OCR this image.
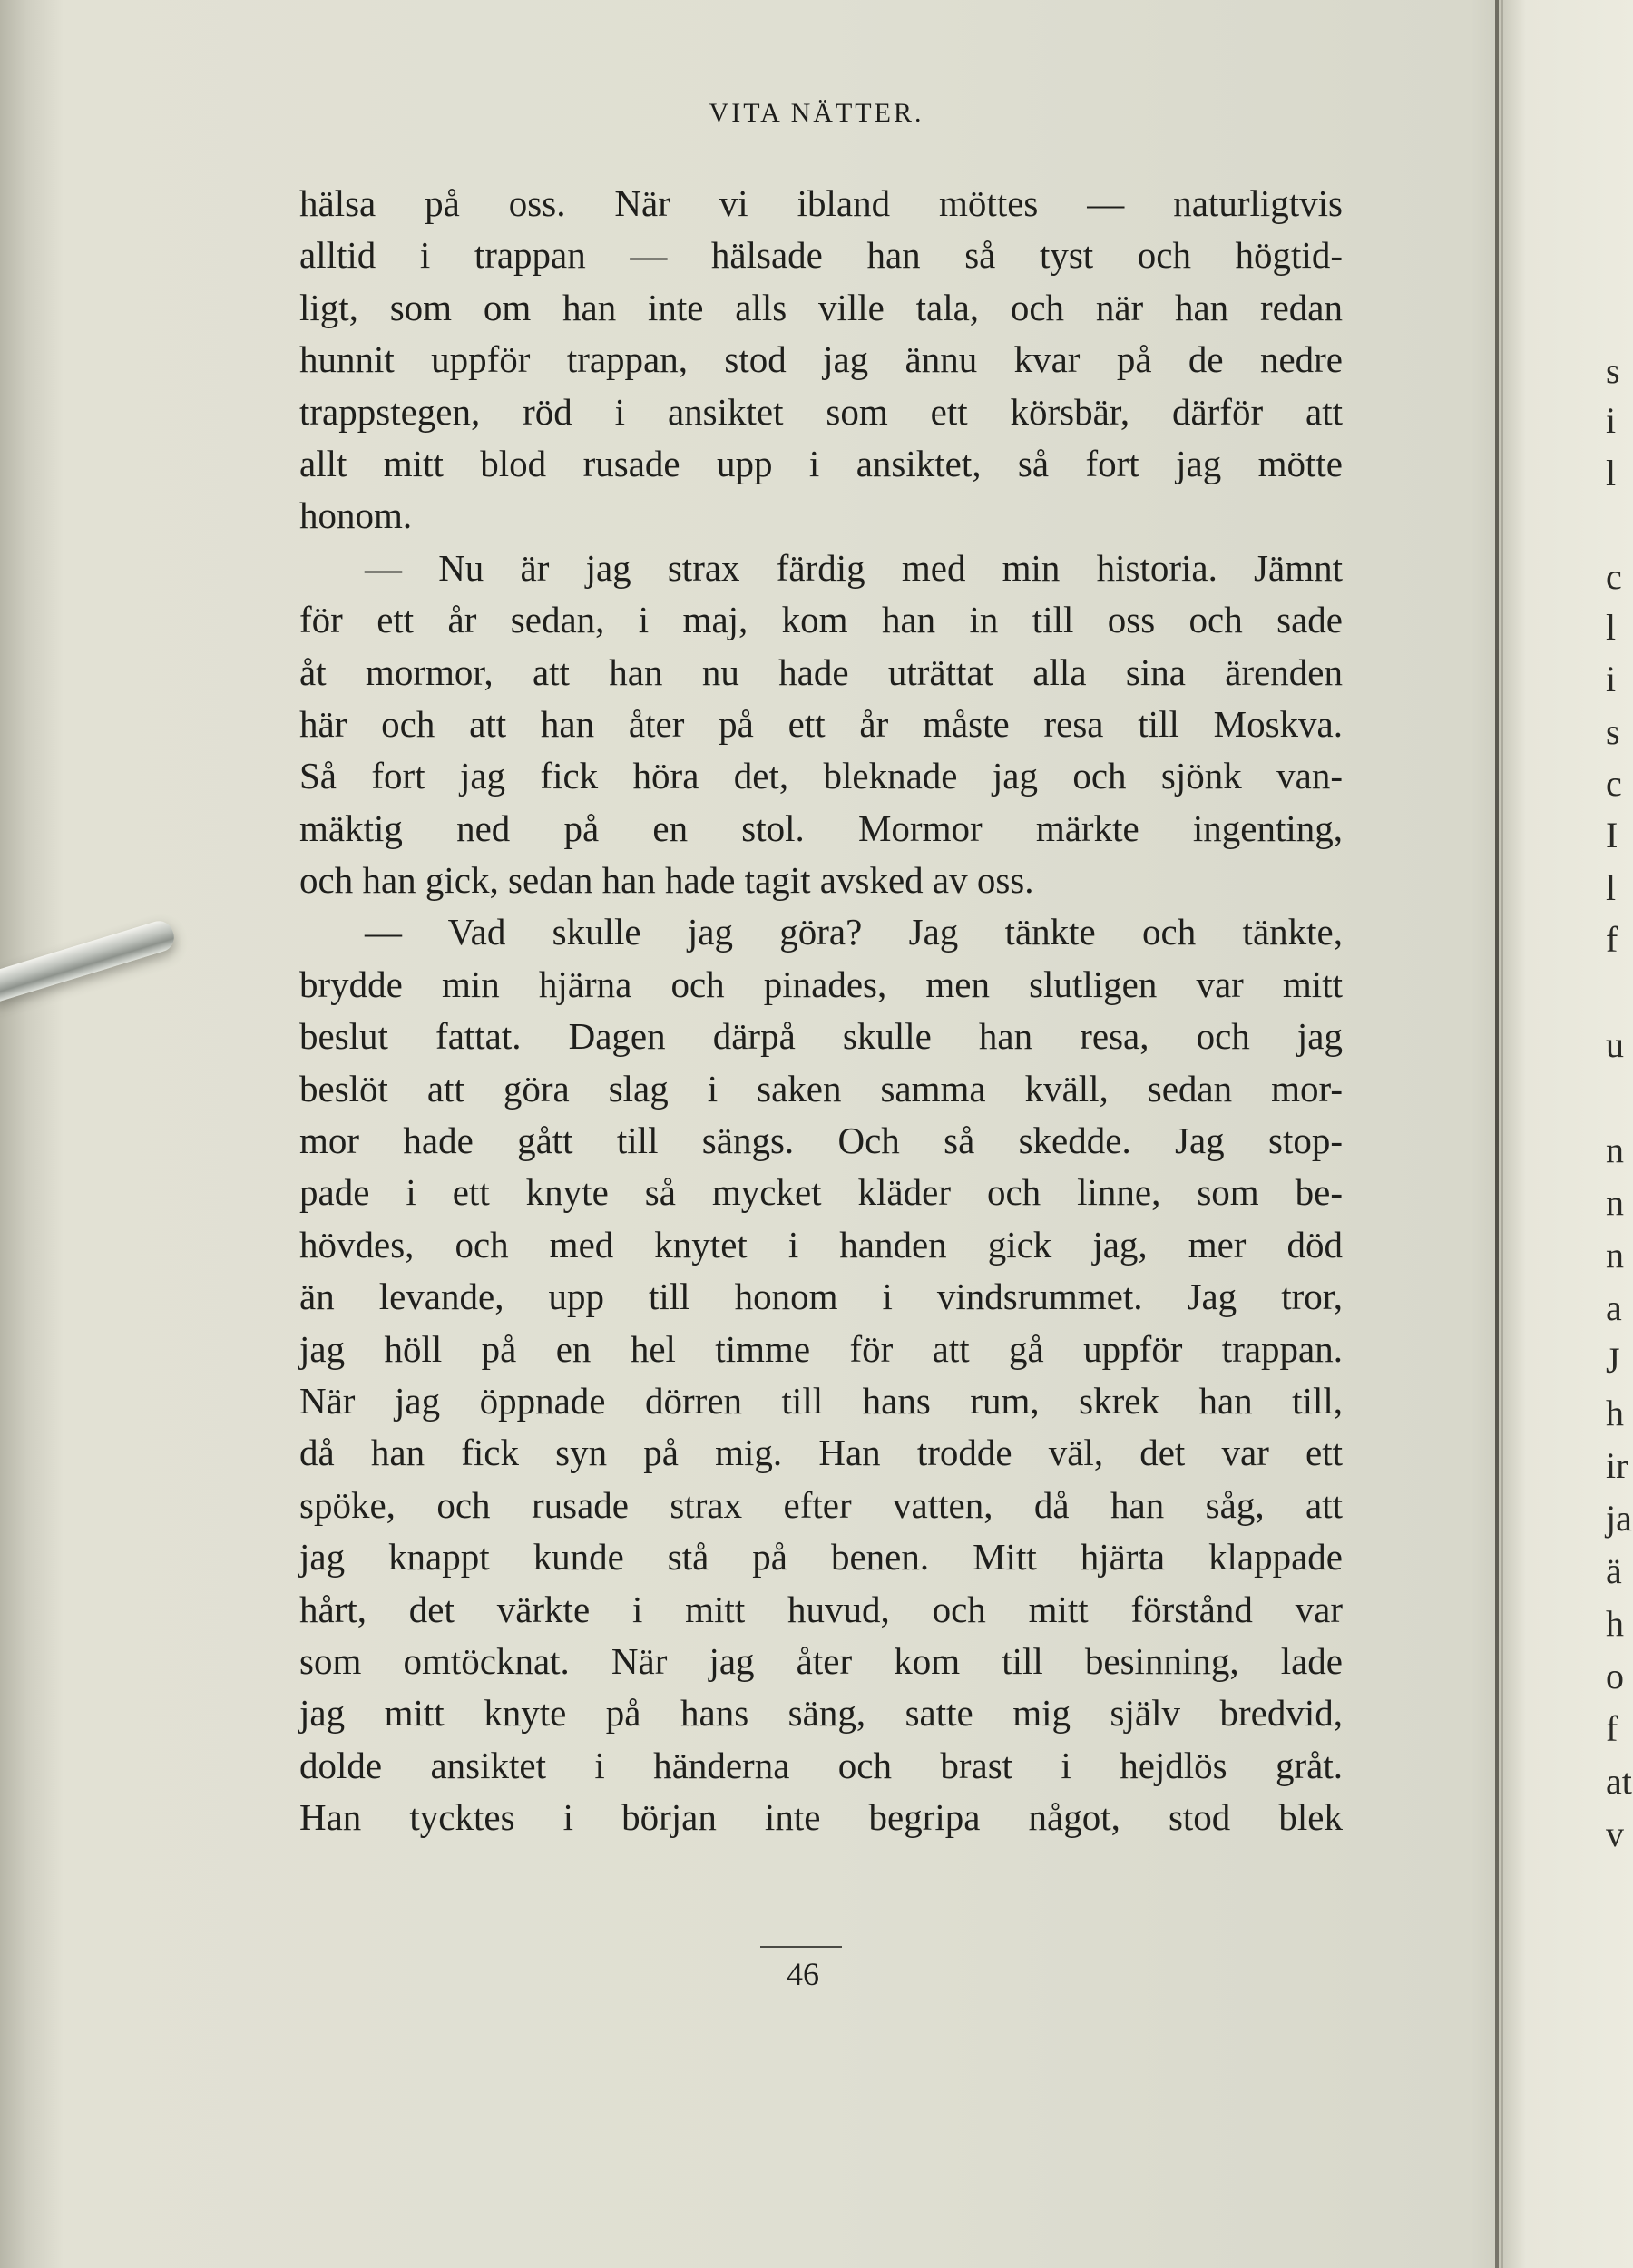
VITA NÄTTER.
hälsa på oss. När vi ibland möttes — naturligtvis
alltid i trappan — hälsade han så tyst och högtid-
ligt, som om han inte alls ville tala, och när han redan
hunnit uppför trappan, stod jag ännu kvar på de nedre
trappstegen, röd i ansiktet som ett körsbär, därför att
allt mitt blod rusade upp i ansiktet, så fort jag mötte
honom.
— Nu är jag strax färdig med min historia. Jämnt
för ett år sedan, i maj, kom han in till oss och sade
åt mormor, att han nu hade uträttat alla sina ärenden
här och att han åter på ett år måste resa till Moskva.
Så fort jag fick höra det, bleknade jag och sjönk van-
mäktig ned på en stol. Mormor märkte ingenting,
och han gick, sedan han hade tagit avsked av oss.
— Vad skulle jag göra? Jag tänkte och tänkte,
brydde min hjärna och pinades, men slutligen var mitt
beslut fattat. Dagen därpå skulle han resa, och jag
beslöt att göra slag i saken samma kväll, sedan mor-
mor hade gått till sängs. Och så skedde. Jag stop-
pade i ett knyte så mycket kläder och linne, som be-
hövdes, och med knytet i handen gick jag, mer död
än levande, upp till honom i vindsrummet. Jag tror,
jag höll på en hel timme för att gå uppför trappan.
När jag öppnade dörren till hans rum, skrek han till,
då han fick syn på mig. Han trodde väl, det var ett
spöke, och rusade strax efter vatten, då han såg, att
jag knappt kunde stå på benen. Mitt hjärta klappade
hårt, det värkte i mitt huvud, och mitt förstånd var
som omtöcknat. När jag åter kom till besinning, lade
jag mitt knyte på hans säng, satte mig själv bredvid,
dolde ansiktet i händerna och brast i hejdlös gråt.
Han tycktes i början inte begripa något, stod blek
46
s
i
l
c
l
i
s
c
I
l
f
u
n
n
n
a
J
h
ir
ja
ä
h
o
f
at
v
